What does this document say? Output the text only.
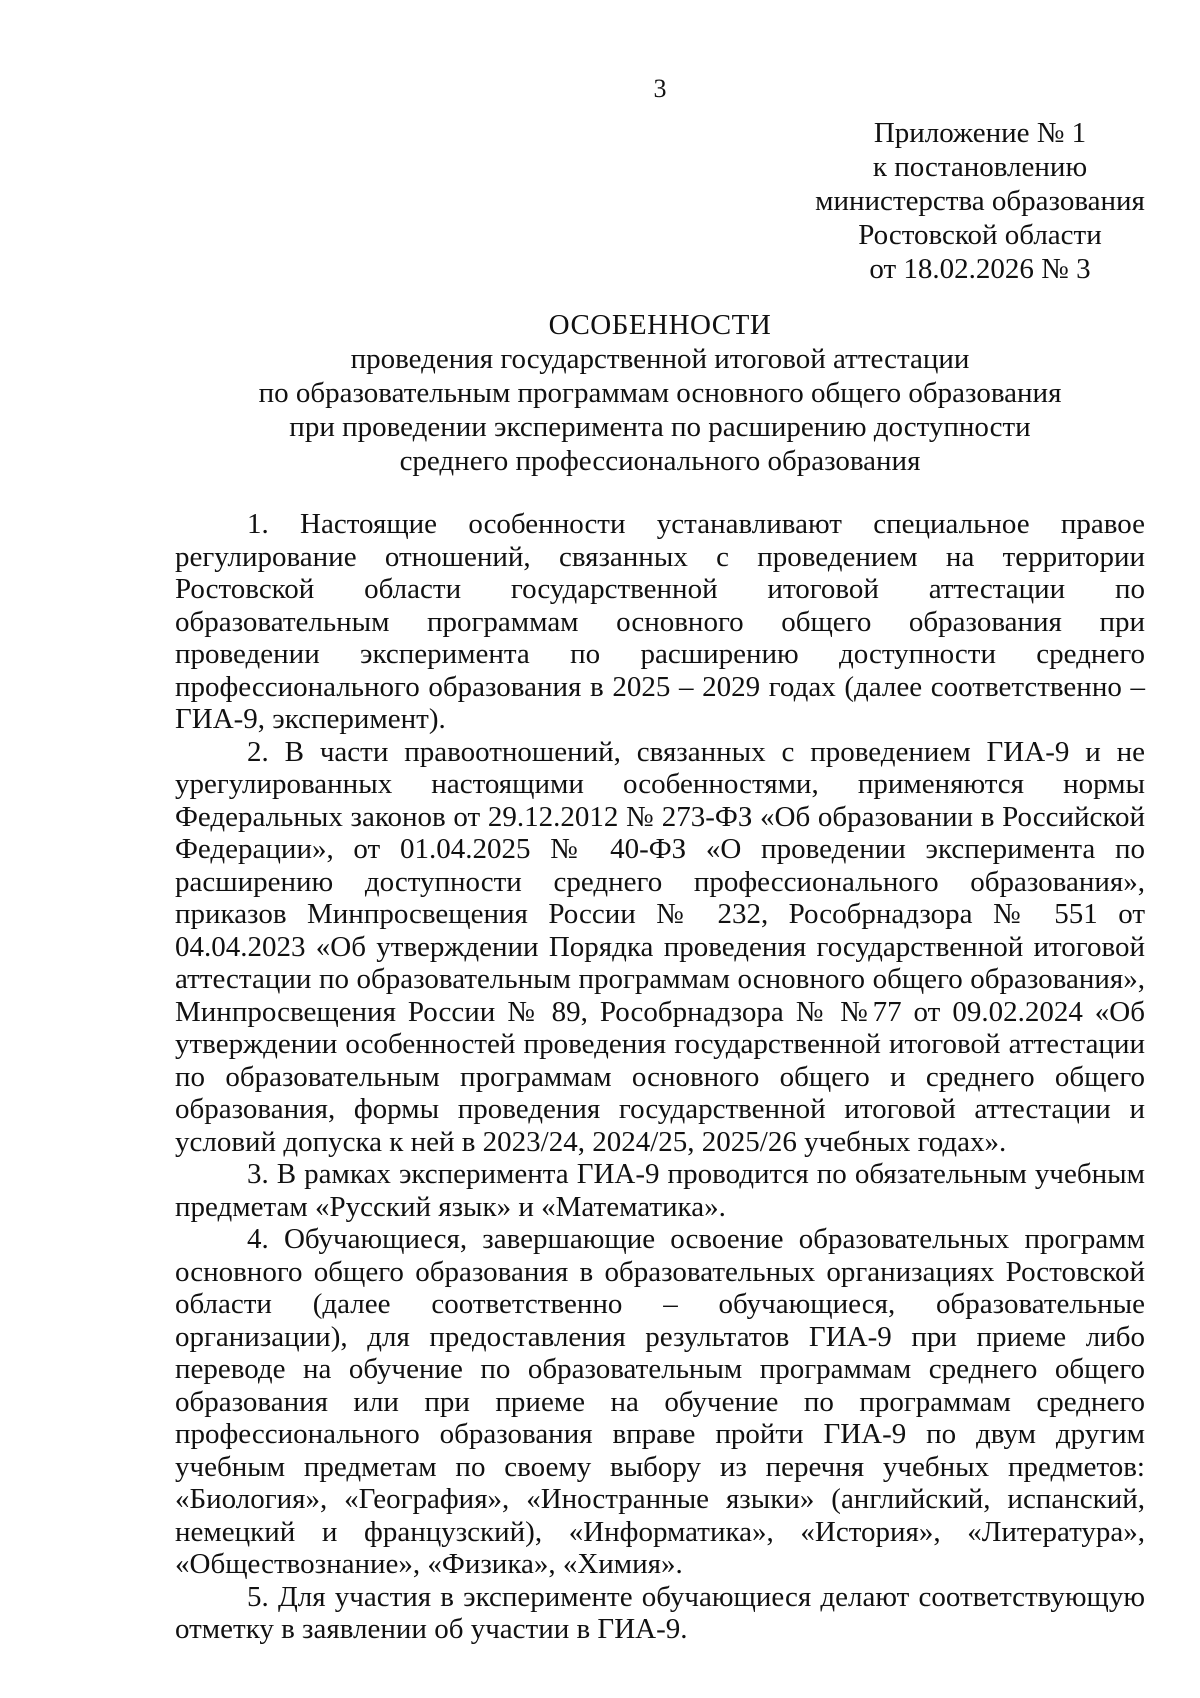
3
Приложение № 1
к постановлению
министерства образования
Ростовской области
от 18.02.2026 № 3
ОСОБЕННОСТИ
проведения государственной итоговой аттестации
по образовательным программам основного общего образования
при проведении эксперимента по расширению доступности
среднего профессионального образования

1. Настоящие особенности устанавливают специальное правое регулирование отношений, связанных с проведением на территории Ростовской области государственной итоговой аттестации по образовательным программам основного общего образования при проведении эксперимента по расширению доступности среднего профессионального образования в 2025 – 2029 годах (далее соответственно – ГИА-9, эксперимент).

2. В части правоотношений, связанных с проведением ГИА-9 и не урегулированных настоящими особенностями, применяются нормы Федеральных законов от 29.12.2012 № 273-ФЗ «Об образовании в Российской Федерации», от 01.04.2025 № 40-ФЗ «О проведении эксперимента по расширению доступности среднего профессионального образования», приказов Минпросвещения России № 232, Рособрнадзора № 551 от 04.04.2023 «Об утверждении Порядка проведения государственной итоговой аттестации по образовательным программам основного общего образования», Минпросвещения России № 89, Рособрнадзора № №77 от 09.02.2024 «Об утверждении особенностей проведения государственной итоговой аттестации по образовательным программам основного общего и среднего общего образования, формы проведения государственной итоговой аттестации и условий допуска к ней в 2023/24, 2024/25, 2025/26 учебных годах».

3. В рамках эксперимента ГИА-9 проводится по обязательным учебным предметам «Русский язык» и «Математика».

4. Обучающиеся, завершающие освоение образовательных программ основного общего образования в образовательных организациях Ростовской области (далее соответственно – обучающиеся, образовательные организации), для предоставления результатов ГИА-9 при приеме либо переводе на обучение по образовательным программам среднего общего образования или при приеме на обучение по программам среднего профессионального образования вправе пройти ГИА-9 по двум другим учебным предметам по своему выбору из перечня учебных предметов: «Биология», «География», «Иностранные языки» (английский, испанский, немецкий и французский), «Информатика», «История», «Литература», «Обществознание», «Физика», «Химия».

5. Для участия в эксперименте обучающиеся делают соответствующую отметку в заявлении об участии в ГИА-9.
